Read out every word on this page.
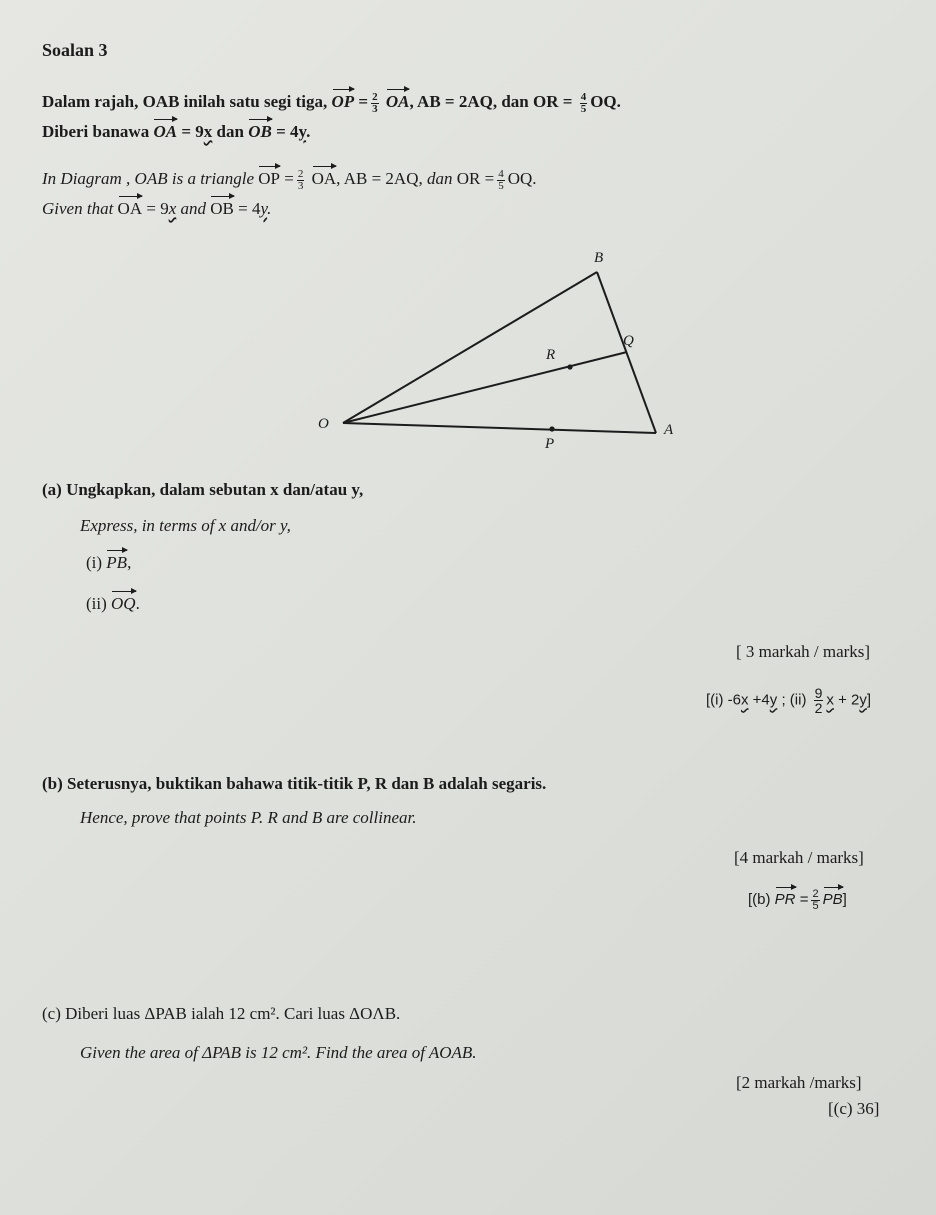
Soalan 3
Dalam rajah, OAB inilah satu segi tiga, OP = $\frac{2}{3}$ OA, AB = 2AQ, dan OR = $\frac{4}{5}$ OQ.
Diberi banawa OA = 9x dan OB = 4y.
In Diagram , OAB is a triangle OP = $\frac{2}{3}$ OA, AB = 2AQ, dan OR = $\frac{4}{5}$ OQ.
Given that OA = 9x and OB = 4y.
B
Q
R
O	A
P
(a) Ungkapkan, dalam sebutan x dan/atau y,
Express, in terms of x and/or y,
(i) PB,
(ii) OQ.
[ 3 markah / marks]
[(i) -6x +4y ; $(ii) \frac{9}{2}$ x + 2y]
(b) Seterusnya, buktikan bahawa titik-titik P, R dan B adalah segaris.
Hence, prove that points P. R and B are collinear.
[4 markah / marks]
[(b) PR = $\frac{2}{5} PB$]
(c) Diberi luas ΔPAB ialah 12 cm². Cari luas ΔOΛB.
Given the area of ΔPAB is 12 cm². Find the area of AOAB.
[2 markah /marks]
[(c) 36]
